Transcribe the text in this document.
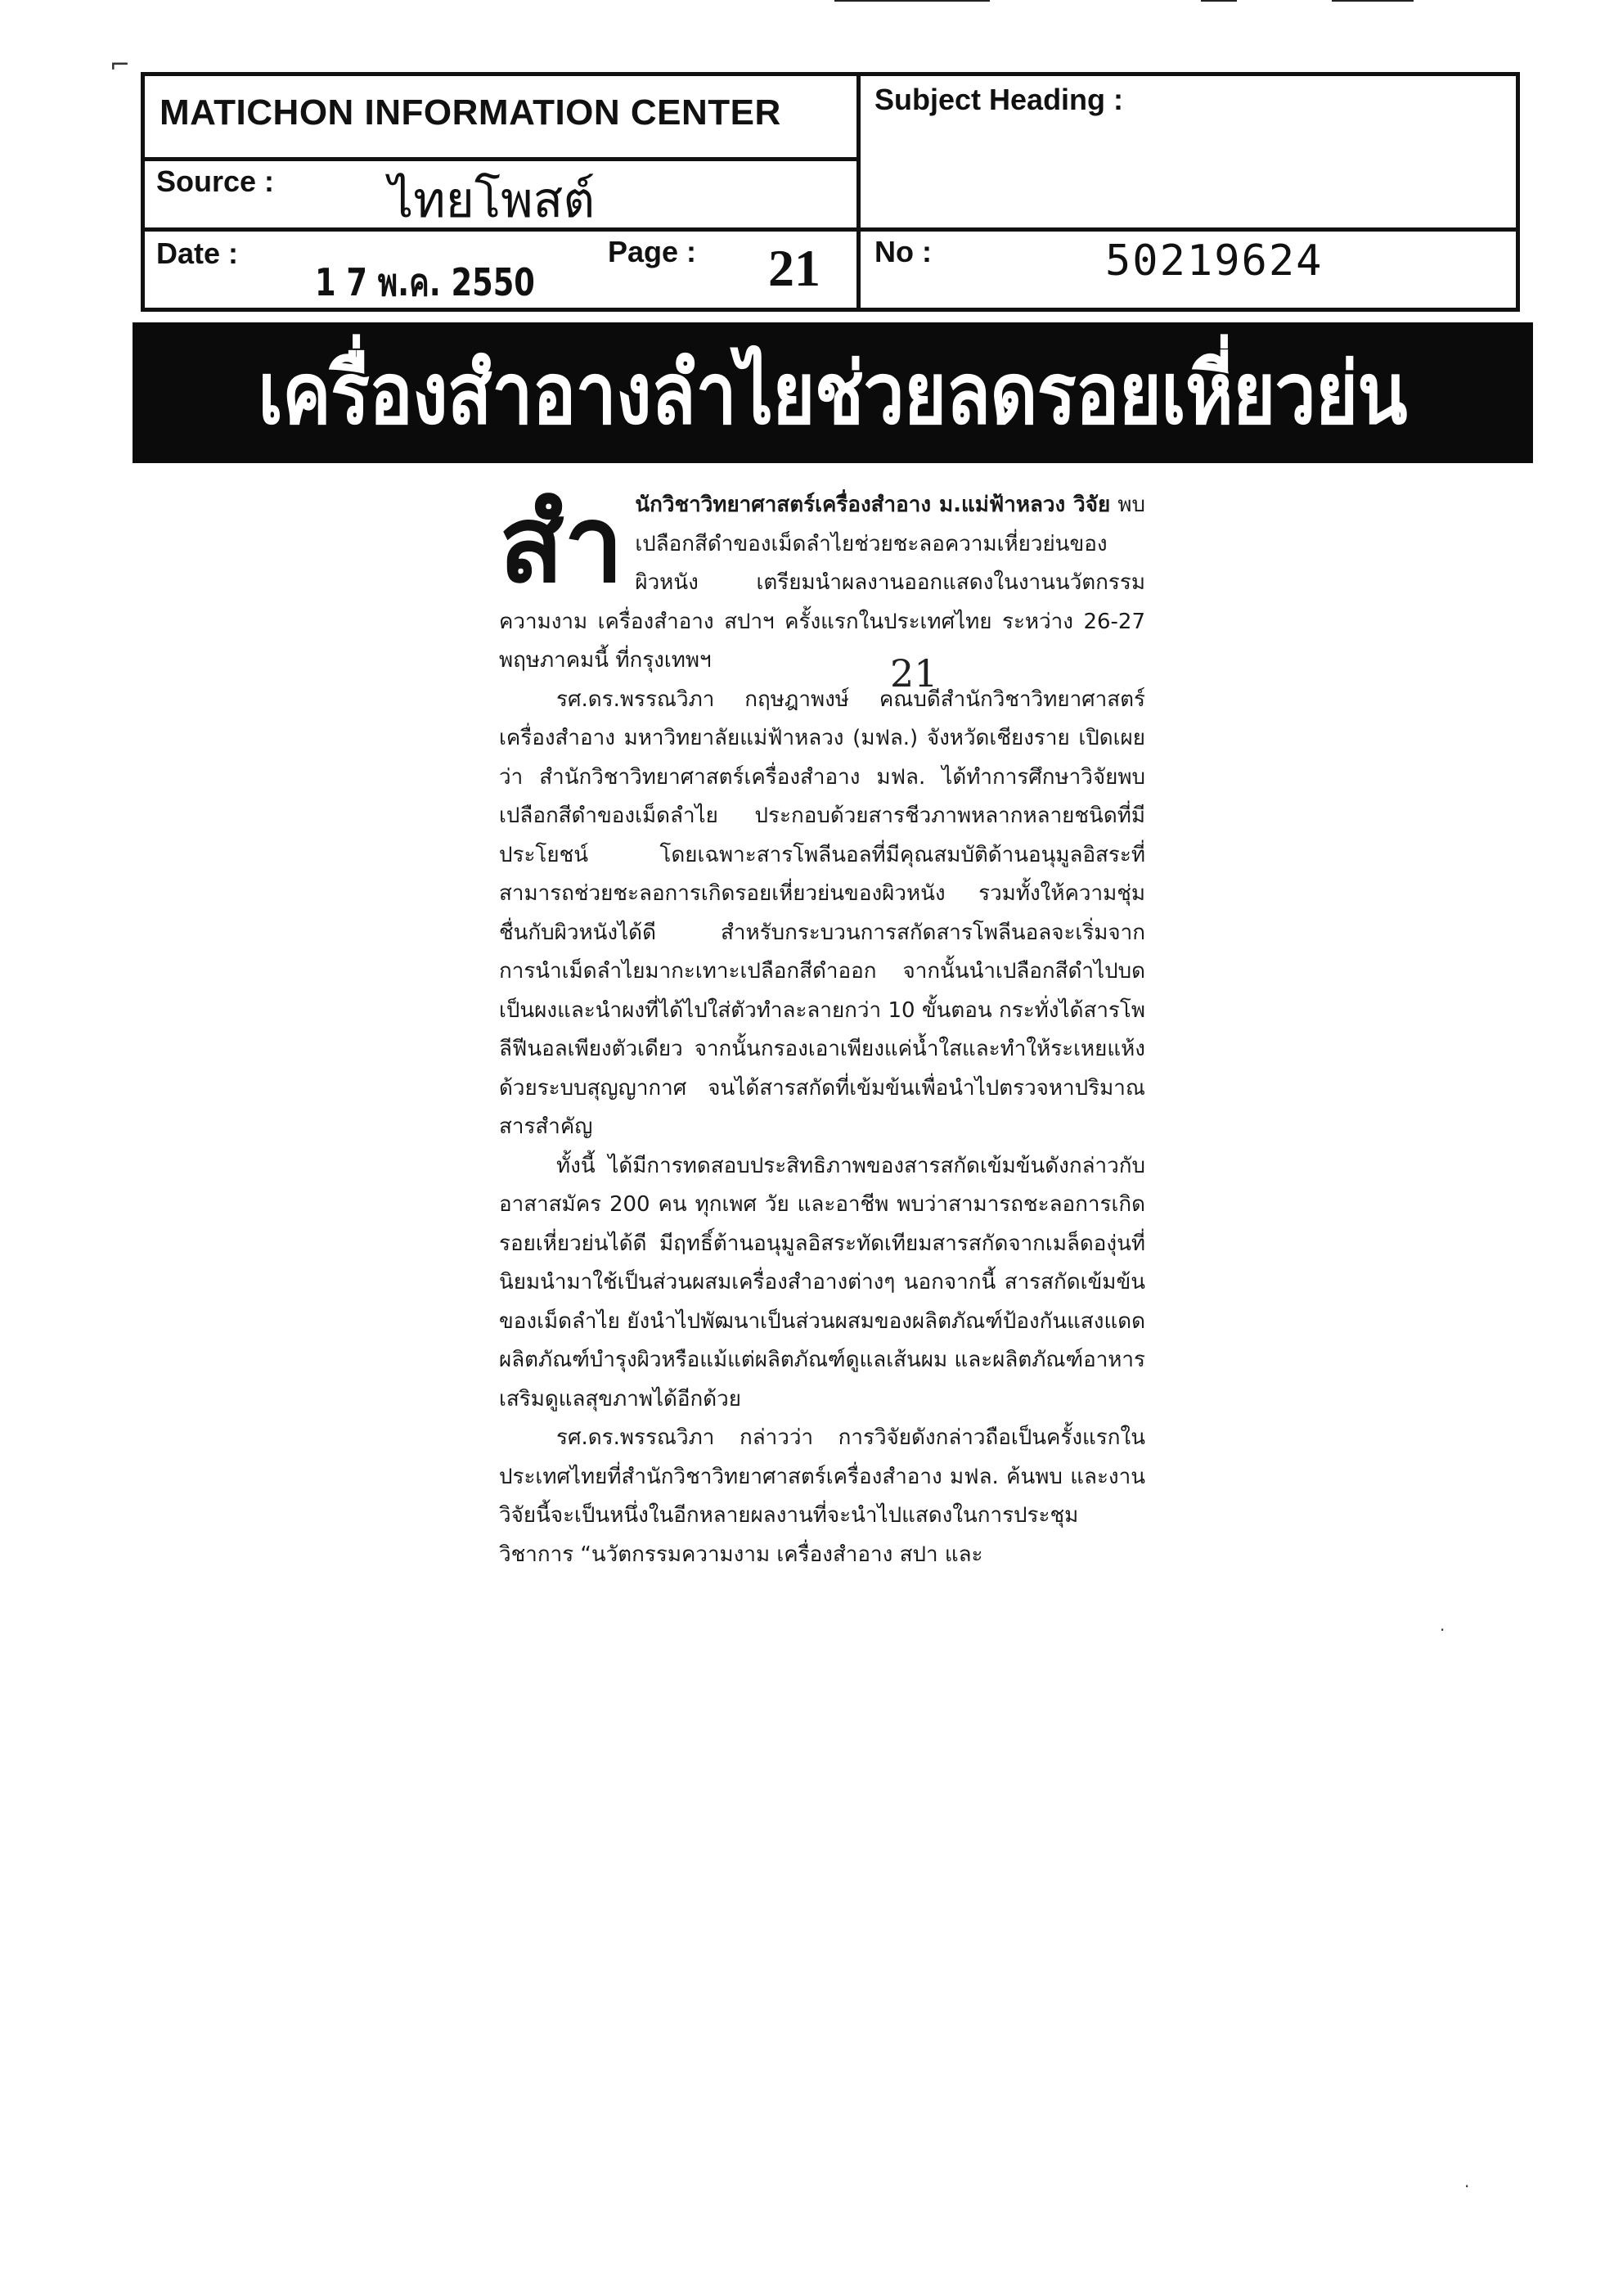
⌐
MATICHON INFORMATION CENTER	Subject Heading :
Source : ไทยโพสต์
Date :
1 7 พ.ค. 2550
Page : 21 No :	50219624
เครื่องสำอางลำไยช่วยลดรอยเหี่ยวย่น
21

สำ นักวิชาวิทยาศาสตร์เครื่องสำอาง ม.แม่ฟ้าหลวง วิจัย พบเปลือกสีดำของเม็ดลำไยช่วยชะลอความเหี่ยวย่นของผิวหนัง เตรียมนำผลงานออกแสดงในงานนวัตกรรมความงาม เครื่องสำอาง สปาฯ ครั้งแรกในประเทศไทย ระหว่าง 26-27 พฤษภาคมนี้ ที่กรุงเทพฯ

รศ.ดร.พรรณวิภา กฤษฎาพงษ์ คณบดีสำนักวิชาวิทยาศาสตร์เครื่องสำอาง มหาวิทยาลัยแม่ฟ้าหลวง (มฟล.) จังหวัดเชียงราย เปิดเผยว่า สำนักวิชาวิทยาศาสตร์เครื่องสำอาง มฟล. ได้ทำการศึกษาวิจัยพบเปลือกสีดำของเม็ดลำไย ประกอบด้วยสารชีวภาพหลากหลายชนิดที่มีประโยชน์ โดยเฉพาะสารโพลีนอลที่มีคุณสมบัติด้านอนุมูลอิสระที่สามารถช่วยชะลอการเกิดรอยเหี่ยวย่นของผิวหนัง รวมทั้งให้ความชุ่มชื่นกับผิวหนังได้ดี สำหรับกระบวนการสกัดสารโพลีนอลจะเริ่มจากการนำเม็ดลำไยมากะเทาะเปลือกสีดำออก จากนั้นนำเปลือกสีดำไปบดเป็นผงและนำผงที่ได้ไปใส่ตัวทำละลายกว่า 10 ขั้นตอน กระทั่งได้สารโพลีฟีนอลเพียงตัวเดียว จากนั้นกรองเอาเพียงแค่น้ำใสและทำให้ระเหยแห้งด้วยระบบสุญญากาศ จนได้สารสกัดที่เข้มข้นเพื่อนำไปตรวจหาปริมาณสารสำคัญ

ทั้งนี้ ได้มีการทดสอบประสิทธิภาพของสารสกัดเข้มข้นดังกล่าวกับอาสาสมัคร 200 คน ทุกเพศ วัย และอาชีพ พบว่าสามารถชะลอการเกิดรอยเหี่ยวย่นได้ดี มีฤทธิ์ต้านอนุมูลอิสระทัดเทียมสารสกัดจากเมล็ดองุ่นที่นิยมนำมาใช้เป็นส่วนผสมเครื่องสำอางต่างๆ นอกจากนี้ สารสกัดเข้มข้นของเม็ดลำไย ยังนำไปพัฒนาเป็นส่วนผสมของผลิตภัณฑ์ป้องกันแสงแดด ผลิตภัณฑ์บำรุงผิวหรือแม้แต่ผลิตภัณฑ์ดูแลเส้นผม และผลิตภัณฑ์อาหารเสริมดูแลสุขภาพได้อีกด้วย

รศ.ดร.พรรณวิภา กล่าวว่า การวิจัยดังกล่าวถือเป็นครั้งแรกในประเทศไทยที่สำนักวิชาวิทยาศาสตร์เครื่องสำอาง มฟล. ค้นพบ และงานวิจัยนี้จะเป็นหนึ่งในอีกหลายผลงานที่จะนำไปแสดงในการประชุมวิชาการ “นวัตกรรมความงาม เครื่องสำอาง สปา และ

·
·
